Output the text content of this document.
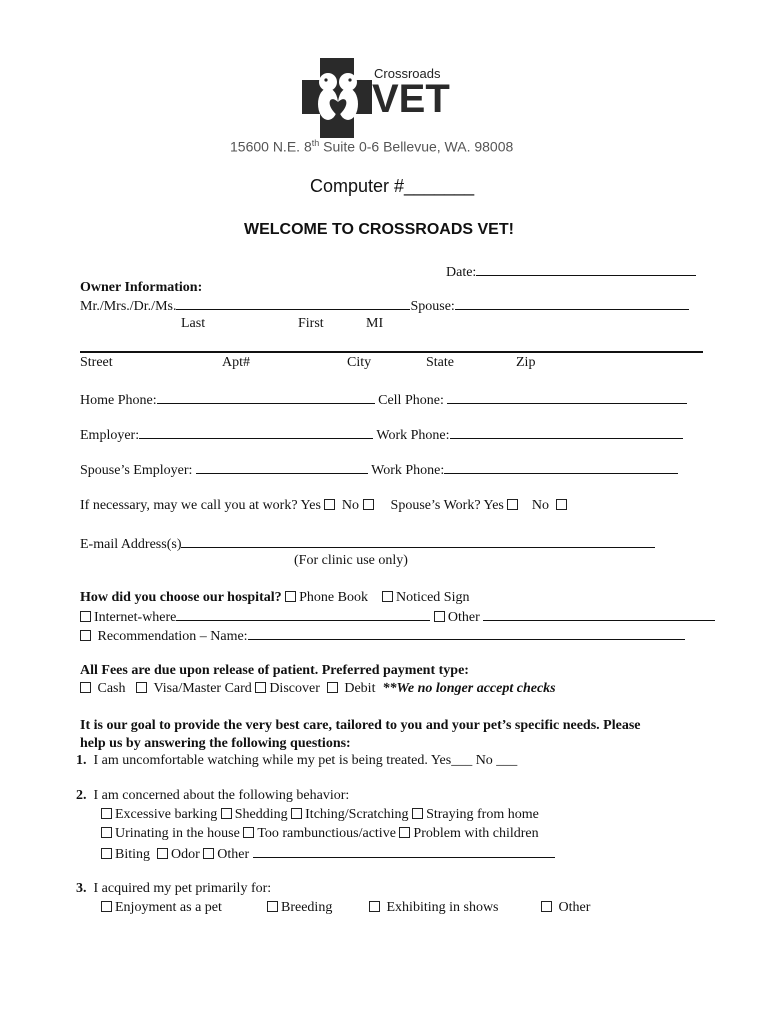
Crossroads
VET
15600 N.E. 8th Suite 0-6 Bellevue, WA. 98008
Computer #_______
WELCOME TO CROSSROADS VET!
Date:
Owner Information:
Mr./Mrs./Dr./Ms.	Spouse:
Last	First	MI
Street	Apt#	City	State	Zip
Home Phone:	Cell Phone:
Employer:	Work Phone:
Spouse’s Employer:	Work Phone:
If necessary, may we call you at work? Yes No Spouse’s Work? Yes No
E-mail Address(s)
(For clinic use only)
How did you choose our hospital? Phone Book Noticed Sign
Internet-where	Other
Recommendation – Name:
All Fees are due upon release of patient. Preferred payment type:
Cash Visa/Master Card Discover Debit **We no longer accept checks
It is our goal to provide the very best care, tailored to you and your pet’s specific needs. Please
help us by answering the following questions:
1. I am uncomfortable watching while my pet is being treated. Yes___ No ___
2. I am concerned about the following behavior:
Excessive barking Shedding Itching/Scratching Straying from home
Urinating in the house Too rambunctious/active Problem with children
Biting Odor Other
3. I acquired my pet primarily for:
Enjoyment as a pet	Breeding	Exhibiting in shows	Other
